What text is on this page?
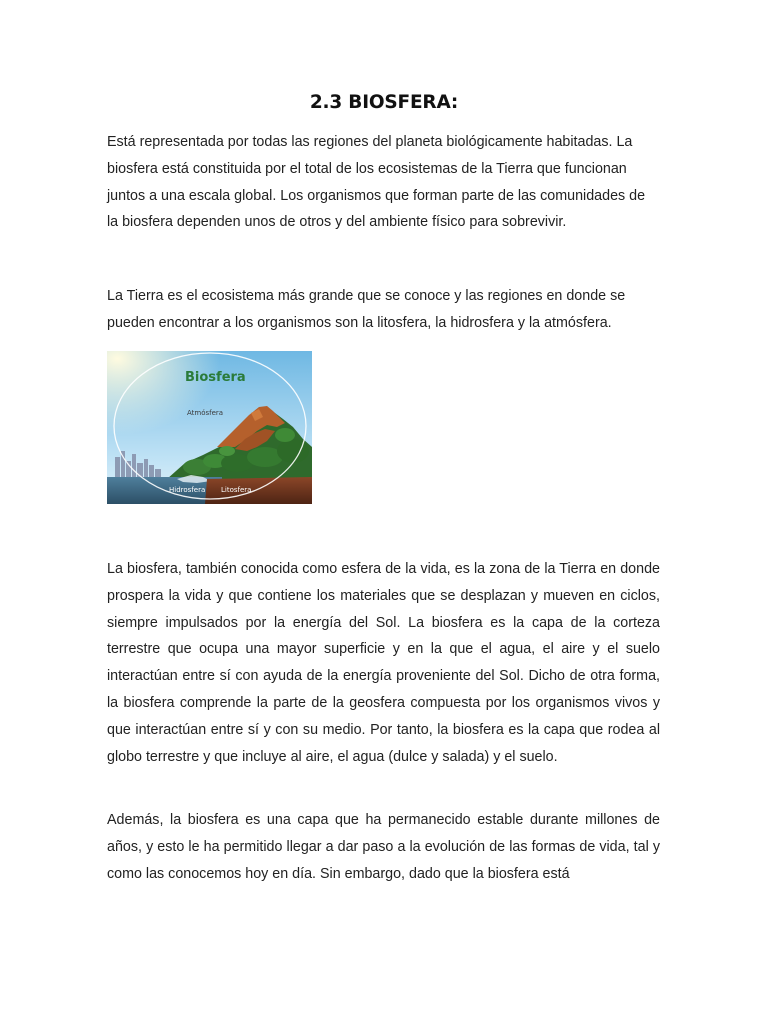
2.3 BIOSFERA:

Está representada por todas las regiones del planeta biológicamente habitadas. La biosfera está constituida por el total de los ecosistemas de la Tierra que funcionan juntos a una escala global. Los organismos que forman parte de las comunidades de la biosfera dependen unos de otros y del ambiente físico para sobrevivir.

La Tierra es el ecosistema más grande que se conoce y las regiones en donde se pueden encontrar a los organismos son la litosfera, la hidrosfera y la atmósfera.

Biosfera
Atmósfera
Hidrosfera Litosfera

La biosfera, también conocida como esfera de la vida, es la zona de la Tierra en donde prospera la vida y que contiene los materiales que se desplazan y mueven en ciclos, siempre impulsados por la energía del Sol. La biosfera es la capa de la corteza terrestre que ocupa una mayor superficie y en la que el agua, el aire y el suelo interactúan entre sí con ayuda de la energía proveniente del Sol. Dicho de otra forma, la biosfera comprende la parte de la geosfera compuesta por los organismos vivos y que interactúan entre sí y con su medio. Por tanto, la biosfera es la capa que rodea al globo terrestre y que incluye al aire, el agua (dulce y salada) y el suelo.

Además, la biosfera es una capa que ha permanecido estable durante millones de años, y esto le ha permitido llegar a dar paso a la evolución de las formas de vida, tal y como las conocemos hoy en día. Sin embargo, dado que la biosfera está
